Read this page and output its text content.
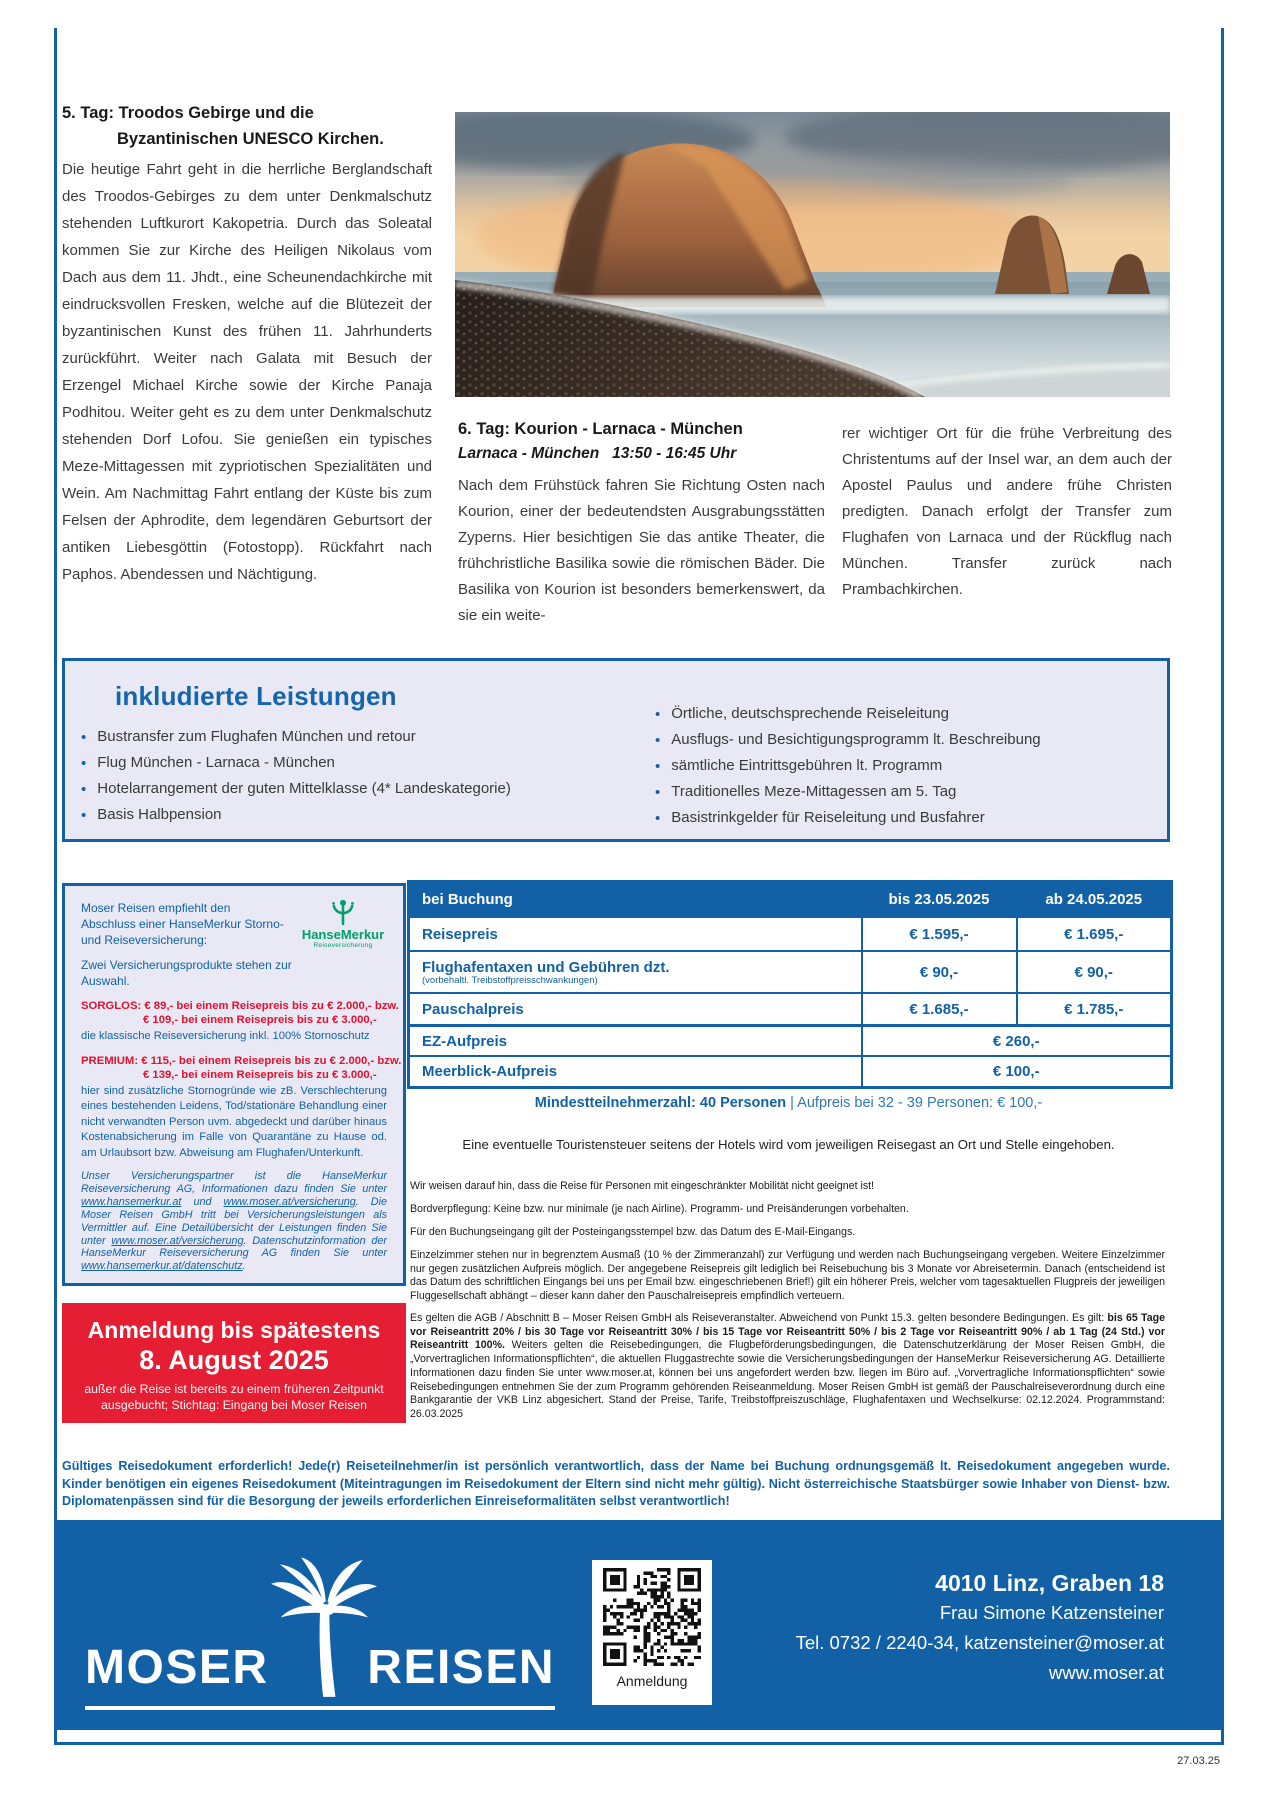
5. Tag: Troodos Gebirge und die
Byzantinischen UNESCO Kirchen.
Die heutige Fahrt geht in die herrliche Berglandschaft des Troodos-Gebirges zu dem unter Denkmalschutz stehenden Luftkurort Kakopetria. Durch das Soleatal kommen Sie zur Kirche des Heiligen Nikolaus vom Dach aus dem 11. Jhdt., eine Scheunendachkirche mit eindrucksvollen Fresken, welche auf die Blütezeit der byzantinischen Kunst des frühen 11. Jahrhunderts zurückführt. Weiter nach Galata mit Besuch der Erzengel Michael Kirche sowie der Kirche Panaja Podhitou. Weiter geht es zu dem unter Denkmalschutz stehenden Dorf Lofou. Sie genießen ein typisches Meze-Mittagessen mit zypriotischen Spezialitäten und Wein. Am Nachmittag Fahrt entlang der Küste bis zum Felsen der Aphrodite, dem legendären Geburtsort der antiken Liebesgöttin (Fotostopp). Rückfahrt nach Paphos. Abendessen und Nächtigung.
6. Tag: Kourion - Larnaca - München
Larnaca - München   13:50 - 16:45 Uhr
Nach dem Frühstück fahren Sie Richtung Osten nach Kourion, einer der bedeutendsten Ausgrabungsstätten Zyperns. Hier besichtigen Sie das antike Theater, die frühchristliche Basilika sowie die römischen Bäder. Die Basilika von Kourion ist besonders bemerkenswert, da sie ein weite-
rer wichtiger Ort für die frühe Verbreitung des Christentums auf der Insel war, an dem auch der Apostel Paulus und andere frühe Christen predigten. Danach erfolgt der Transfer zum Flughafen von Larnaca und der Rückflug nach München. Transfer zurück nach Prambachkirchen.
inkludierte Leistungen
• Bustransfer zum Flughafen München und retour
• Flug München - Larnaca - München
• Hotelarrangement der guten Mittelklasse (4* Landeskategorie)
• Basis Halbpension
• Örtliche, deutschsprechende Reiseleitung
• Ausflugs- und Besichtigungsprogramm lt. Beschreibung
• sämtliche Eintrittsgebühren lt. Programm
• Traditionelles Meze-Mittagessen am 5. Tag
• Basistrinkgelder für Reiseleitung und Busfahrer
HanseMerkur
Reiseversicherung
Moser Reisen empfiehlt den Abschluss einer HanseMerkur Storno- und Reiseversicherung:
Zwei Versicherungsprodukte stehen zur Auswahl.
SORGLOS: € 89,- bei einem Reisepreis bis zu € 2.000,- bzw.
€ 109,- bei einem Reisepreis bis zu € 3.000,-
die klassische Reiseversicherung inkl. 100% Stornoschutz
PREMIUM: € 115,- bei einem Reisepreis bis zu € 2.000,- bzw.
€ 139,- bei einem Reisepreis bis zu € 3.000,-
hier sind zusätzliche Stornogründe wie zB. Verschlechterung eines bestehenden Leidens, Tod/stationäre Behandlung einer nicht verwandten Person uvm. abgedeckt und darüber hinaus Kostenabsicherung im Falle von Quarantäne zu Hause od. am Urlaubsort bzw. Abweisung am Flughafen/Unterkunft.
Unser Versicherungspartner ist die HanseMerkur Reiseversicherung AG, Informationen dazu finden Sie unter www.hansemerkur.at und www.moser.at/versicherung. Die Moser Reisen GmbH tritt bei Versicherungsleistungen als Vermittler auf. Eine Detailübersicht der Leistungen finden Sie unter www.moser.at/versicherung. Datenschutzinformation der HanseMerkur Reiseversicherung AG finden Sie unter www.hansemerkur.at/datenschutz.
bei Buchung	bis 23.05.2025	ab 24.05.2025
Reisepreis	€ 1.595,-	€ 1.695,-
Flughafentaxen und Gebühren dzt.
(vorbehaltl. Treibstoffpreisschwankungen)	€ 90,-	€ 90,-
Pauschalpreis	€ 1.685,-	€ 1.785,-
EZ-Aufpreis	€ 260,-	
Meerblick-Aufpreis	€ 100,-	
Mindestteilnehmerzahl: 40 Personen | Aufpreis bei 32 - 39 Personen: € 100,-
Eine eventuelle Touristensteuer seitens der Hotels wird vom jeweiligen Reisegast an Ort und Stelle eingehoben.
Wir weisen darauf hin, dass die Reise für Personen mit eingeschränkter Mobilität nicht geeignet ist!
Bordverpflegung: Keine bzw. nur minimale (je nach Airline). Programm- und Preisänderungen vorbehalten.
Für den Buchungseingang gilt der Posteingangsstempel bzw. das Datum des E-Mail-Eingangs.
Einzelzimmer stehen nur in begrenztem Ausmaß (10 % der Zimmeranzahl) zur Verfügung und werden nach Buchungseingang vergeben. Weitere Einzelzimmer nur gegen zusätzlichen Aufpreis möglich. Der angegebene Reisepreis gilt lediglich bei Reisebuchung bis 3 Monate vor Abreisetermin. Danach (entscheidend ist das Datum des schriftlichen Eingangs bei uns per Email bzw. eingeschriebenen Brief!) gilt ein höherer Preis, welcher vom tagesaktuellen Flugpreis der jeweiligen Fluggesellschaft abhängt – dieser kann daher den Pauschalreisepreis empfindlich verteuern.
Es gelten die AGB / Abschnitt B – Moser Reisen GmbH als Reiseveranstalter. Abweichend von Punkt 15.3. gelten besondere Bedingungen. Es gilt: bis 65 Tage vor Reiseantritt 20% / bis 30 Tage vor Reiseantritt 30% / bis 15 Tage vor Reiseantritt 50% / bis 2 Tage vor Reiseantritt 90% / ab 1 Tag (24 Std.) vor Reiseantritt 100%. Weiters gelten die Reisebedingungen, die Flugbeförderungsbedingungen, die Datenschutzerklärung der Moser Reisen GmbH, die „Vorvertraglichen Informationspflichten“, die aktuellen Fluggastrechte sowie die Versicherungsbedingungen der HanseMerkur Reiseversicherung AG. Detaillierte Informationen dazu finden Sie unter www.moser.at, können bei uns angefordert werden bzw. liegen im Büro auf. „Vorvertragliche Informationspflichten“ sowie Reisebedingungen entnehmen Sie der zum Programm gehörenden Reiseanmeldung. Moser Reisen GmbH ist gemäß der Pauschalreiseverordnung durch eine Bankgarantie der VKB Linz abgesichert. Stand der Preise, Tarife, Treibstoffpreiszuschläge, Flughafentaxen und Wechselkurse: 02.12.2024. Programmstand: 26.03.2025
Anmeldung bis spätestens
8. August 2025
außer die Reise ist bereits zu einem früheren Zeitpunkt ausgebucht; Stichtag: Eingang bei Moser Reisen
Gültiges Reisedokument erforderlich! Jede(r) Reiseteilnehmer/in ist persönlich verantwortlich, dass der Name bei Buchung ordnungsgemäß lt. Reisedokument angegeben wurde. Kinder benötigen ein eigenes Reisedokument (Miteintragungen im Reisedokument der Eltern sind nicht mehr gültig). Nicht österreichische Staatsbürger sowie Inhaber von Dienst- bzw. Diplomatenpässen sind für die Besorgung der jeweils erforderlichen Einreiseformalitäten selbst verantwortlich!
MOSER REISEN	Anmeldung
4010 Linz, Graben 18
Frau Simone Katzensteiner
Tel. 0732 / 2240-34, katzensteiner@moser.at
www.moser.at
27.03.25
